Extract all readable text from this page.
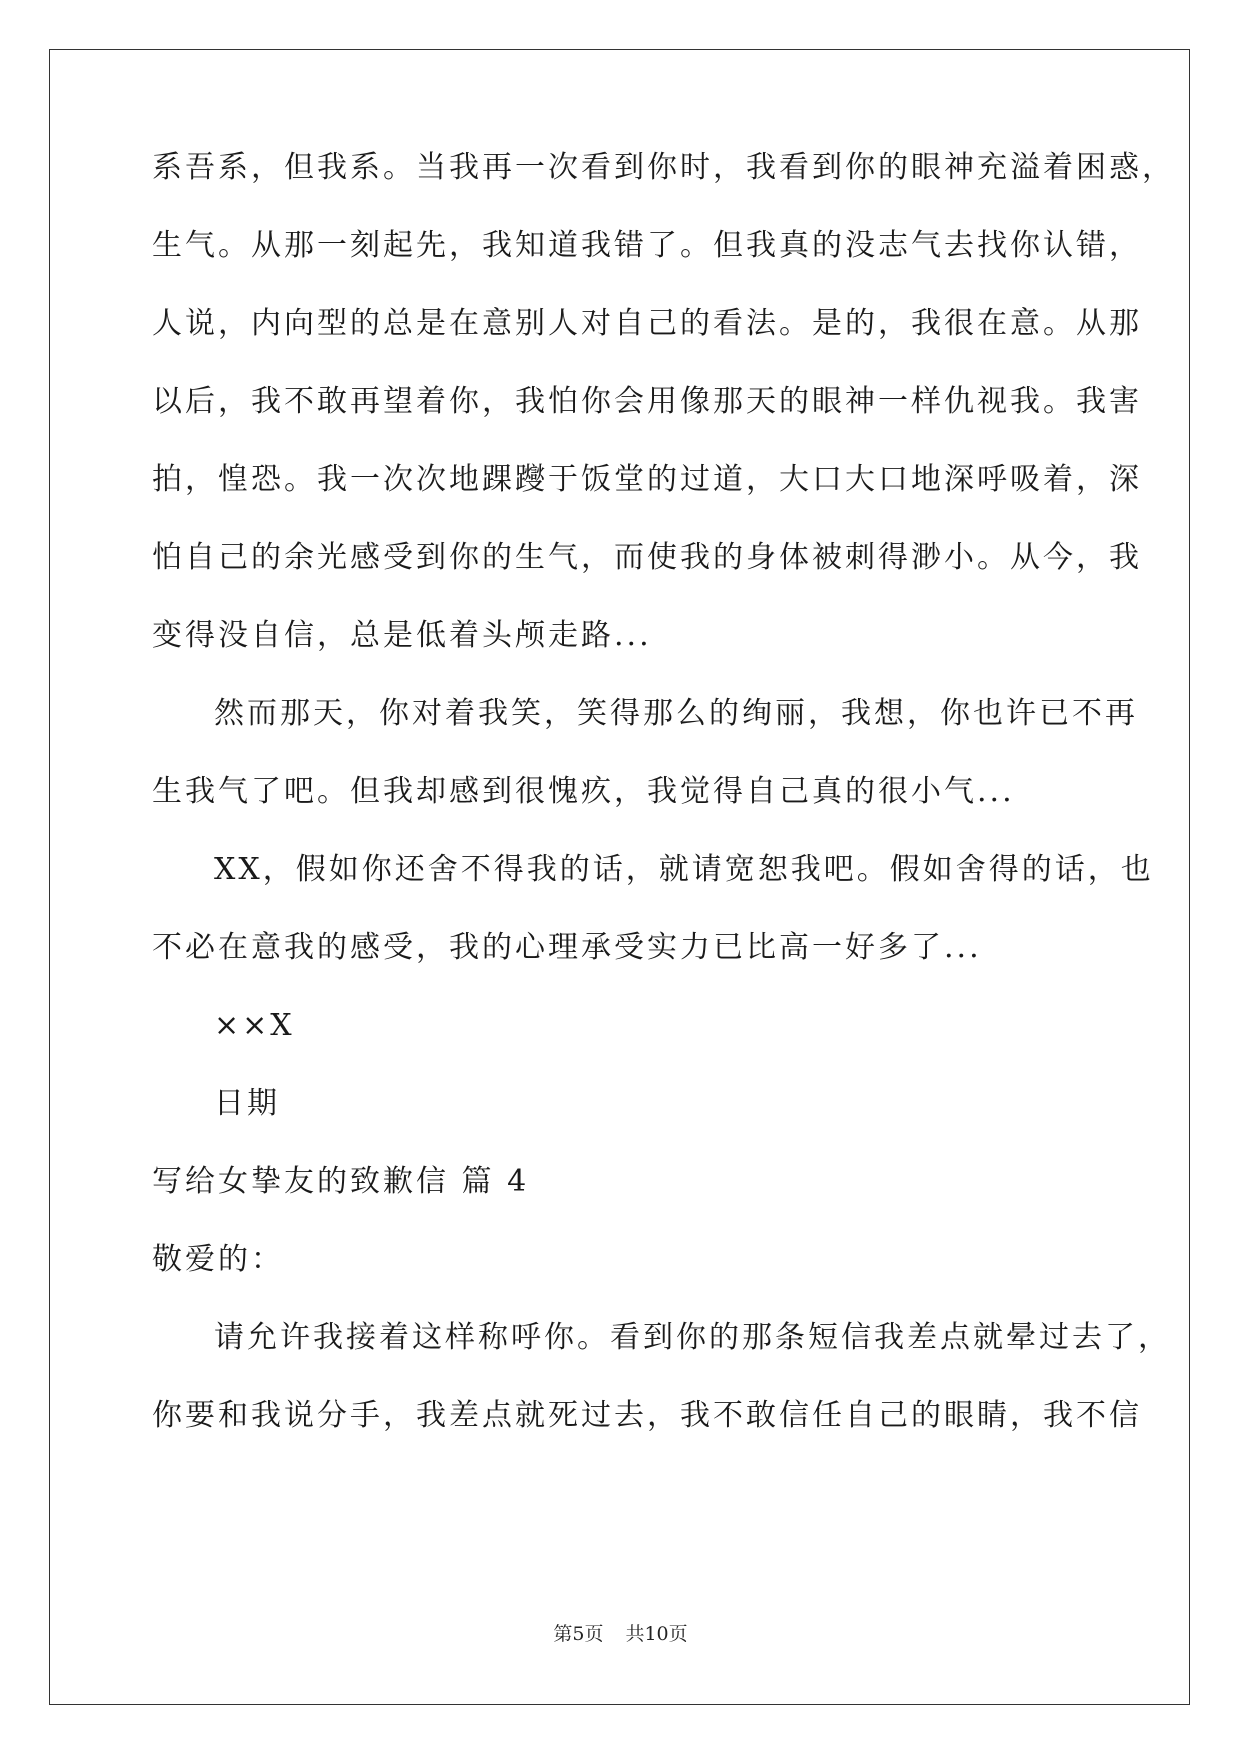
系吾系，但我系。当我再一次看到你时，我看到你的眼神充溢着困惑，
生气。从那一刻起先，我知道我错了。但我真的没志气去找你认错，
人说，内向型的总是在意别人对自己的看法。是的，我很在意。从那
以后，我不敢再望着你，我怕你会用像那天的眼神一样仇视我。我害
拍，惶恐。我一次次地踝躞于饭堂的过道，大口大口地深呼吸着，深
怕自己的余光感受到你的生气，而使我的身体被刺得渺小。从今，我
变得没自信，总是低着头颅走路...
然而那天，你对着我笑，笑得那么的绚丽，我想，你也许已不再
生我气了吧。但我却感到很愧疚，我觉得自己真的很小气...
XX，假如你还舍不得我的话，就请宽恕我吧。假如舍得的话，也
不必在意我的感受，我的心理承受实力已比高一好多了...
××X
日期
写给女挚友的致歉信 篇 4
敬爱的：
请允许我接着这样称呼你。看到你的那条短信我差点就晕过去了，
你要和我说分手，我差点就死过去，我不敢信任自己的眼睛，我不信
第5页 共10页
